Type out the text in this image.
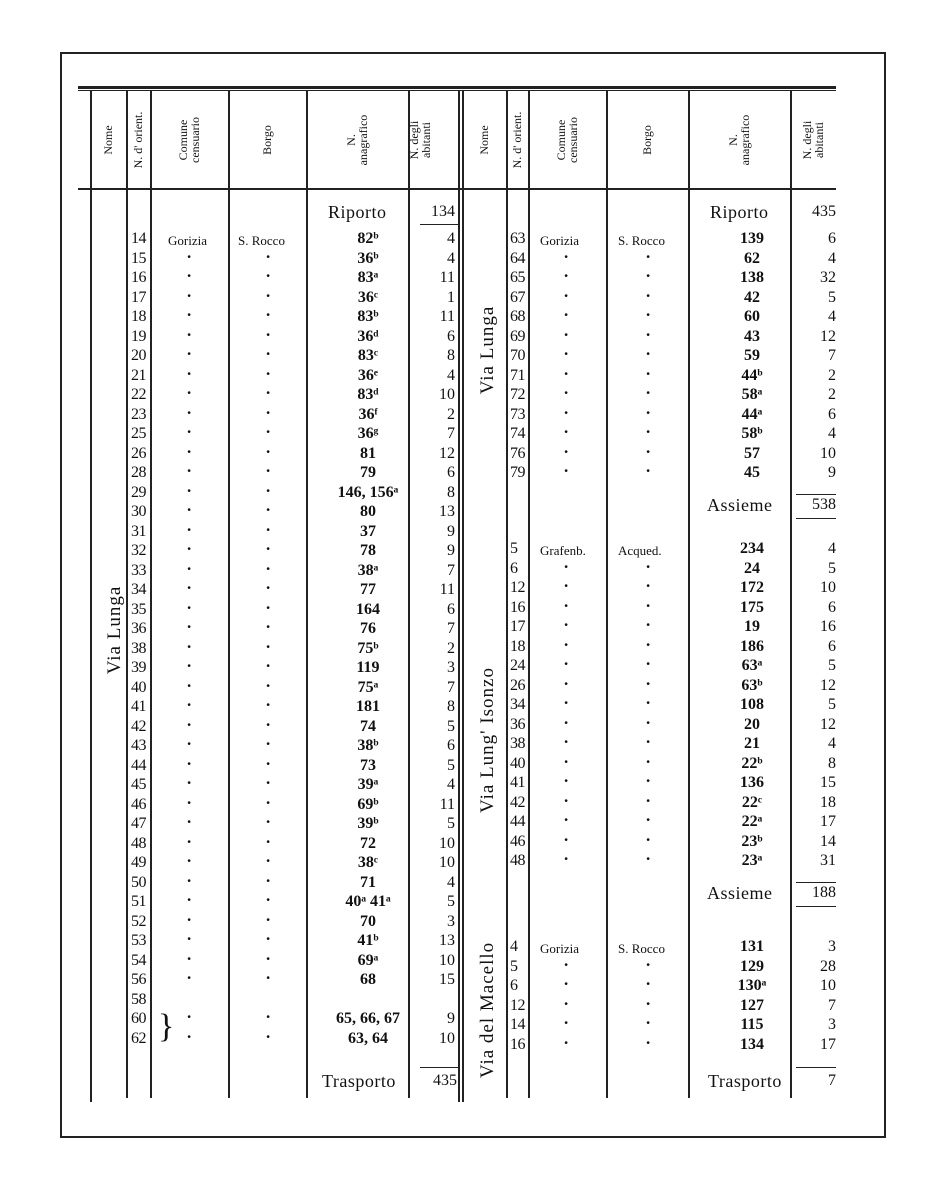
Nome N. d' orient.	Comune
censuario	Borgo	N.
anagrafico	N. degli
abitanti	Nome N. d' orient.	Comune
censuario	Borgo	N.
anagrafico	N. degli
abitanti
Riporto	134
14 Gorizia S. Rocco	82ᵇ	4
15 .	.	36ᵇ	4
16 .	.	83ᵃ	11
17 .	.	36ᶜ	1
18 .	.	83ᵇ	11
19 .	.	36ᵈ	6
20 .	.	83ᶜ	8
21 .	.	36ᵉ	4
22 .	.	83ᵈ	10
23 .	.	36ᶠ	2
25 .	.	36ᵍ	7
26 .	.	81	12
28 .	.	79	6
29 .	.	146, 156ᵃ	8
30 .	.	80	13
31 .	.	37	9
32 .	.	78	9
33 .	.	38ᵃ	7
34 .	.	77	11
35 .	.	164	6
36 .	.	76	7
38 .	.	75ᵇ	2
39 .	.	119	3
40 .	.	75ᵃ	7
41 .	.	181	8
42 .	.	74	5
43 .	.	38ᵇ	6
44 .	.	73	5
45 .	.	39ᵃ	4
46 .	.	69ᵇ	11
47 .	.	39ᵇ	5
48 .	.	72	10
49 .	.	38ᶜ	10
50 .	.	71	4
51 .	.	40ᵃ 41ᵃ	5
52 .	.	70	3
53 .	.	41ᵇ	13
54 .	.	69ᵃ	10
56 .	.	68	15
58
60 .	.	65, 66, 67	9
62 .	.	63, 64	10
}
Trasporto 435
Via Lunga
Riporto	435
63 Gorizia	S. Rocco	139	6
64 .	.	62	4
65 .	.	138	32
67 .	.	42	5
68 .	.	60	4
69 .	.	43	12
70 .	.	59	7
71 .	.	44ᵇ	2
72 .	.	58ᵃ	2
73 .	.	44ᵃ	6
74 .	.	58ᵇ	4
76 .	.	57	10
79 .	.	45	9
Assieme 538
Via Lunga
5 Grafenb. Acqued.	234	4
6	.	.	24	5
12 .	.	172	10
16 .	.	175	6
17 .	.	19	16
18 .	.	186	6
24 .	.	63ᵃ	5
26 .	.	63ᵇ	12
34 .	.	108	5
36 .	.	20	12
38 .	.	21	4
40 .	.	22ᵇ	8
41 .	.	136	15
42 .	.	22ᶜ	18
44 .	.	22ᵃ	17
46 .	.	23ᵇ	14
48 .	.	23ᵃ	31
Assieme 188
Via Lung' Isonzo
4 Gorizia	S. Rocco	131	3
5	.	.	129	28
6	.	.	130ᵃ	10
12 .	.	127	7
14 .	.	115	3
16 .	.	134	17
Via del Macello
Trasporto	7
